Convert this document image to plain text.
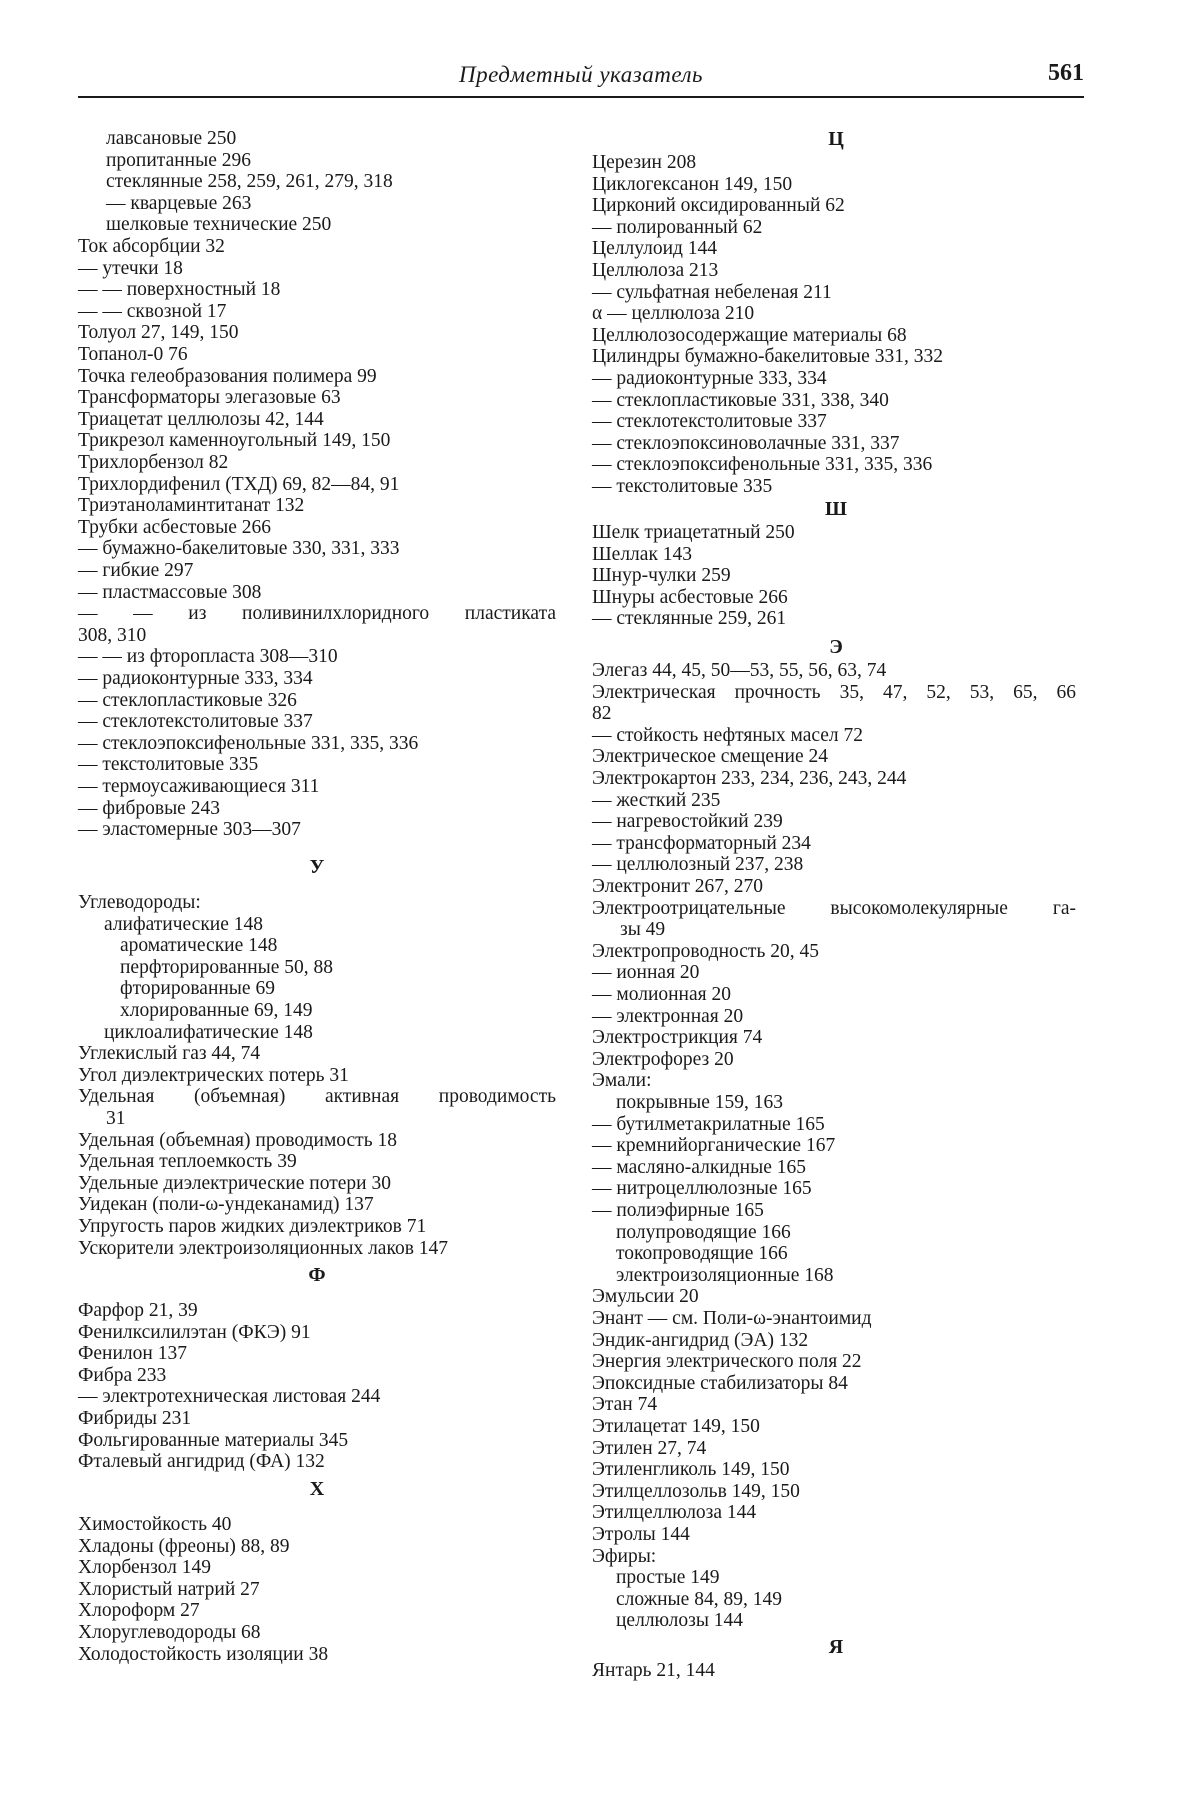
Предметный указатель	561
лавсановые 250
пропитанные 296
стеклянные 258, 259, 261, 279, 318
— кварцевые 263
шелковые технические 250
Ток абсорбции 32
— утечки 18
— — поверхностный 18
— — сквозной 17
Толуол 27, 149, 150
Топанол-0 76
Точка гелеобразования полимера 99
Трансформаторы элегазовые 63
Триацетат целлюлозы 42, 144
Трикрезол каменноугольный 149, 150
Трихлорбензол 82
Трихлордифенил (ТХД) 69, 82—84, 91
Триэтаноламинтитанат 132
Трубки асбестовые 266
— бумажно-бакелитовые 330, 331, 333
— гибкие 297
— пластмассовые 308
— — из поливинилхлоридного пластиката
308, 310
— — из фторопласта 308—310
— радиоконтурные 333, 334
— стеклопластиковые 326
— стеклотекстолитовые 337
— стеклоэпоксифенольные 331, 335, 336
— текстолитовые 335
— термоусаживающиеся 311
— фибровые 243
— эластомерные 303—307
У
Углеводороды:
алифатические 148
ароматические 148
перфторированные 50, 88
фторированные 69
хлорированные 69, 149
циклоалифатические 148
Углекислый газ 44, 74
Угол диэлектрических потерь 31
Удельная (объемная) активная проводимость
31
Удельная (объемная) проводимость 18
Удельная теплоемкость 39
Удельные диэлектрические потери 30
Уидекан (поли-ω-ундеканамид) 137
Упругость паров жидких диэлектриков 71
Ускорители электроизоляционных лаков 147
Ф
Фарфор 21, 39
Фенилксилилэтан (ФКЭ) 91
Фенилон 137
Фибра 233
— электротехническая листовая 244
Фибриды 231
Фольгированные материалы 345
Фталевый ангидрид (ФА) 132
Х
Химостойкость 40
Хладоны (фреоны) 88, 89
Хлорбензол 149
Хлористый натрий 27
Хлороформ 27
Хлоруглеводороды 68
Холодостойкость изоляции 38
Ц
Церезин 208
Циклогексанон 149, 150
Цирконий оксидированный 62
— полированный 62
Целлулоид 144
Целлюлоза 213
— сульфатная небеленая 211
α — целлюлоза 210
Целлюлозосодержащие материалы 68
Цилиндры бумажно-бакелитовые 331, 332
— радиоконтурные 333, 334
— стеклопластиковые 331, 338, 340
— стеклотекстолитовые 337
— стеклоэпоксиноволачные 331, 337
— стеклоэпоксифенольные 331, 335, 336
— текстолитовые 335
Ш
Шелк триацетатный 250
Шеллак 143
Шнур-чулки 259
Шнуры асбестовые 266
— стеклянные 259, 261
Э
Элегаз 44, 45, 50—53, 55, 56, 63, 74
Электрическая прочность 35, 47, 52, 53, 65, 66
82
— стойкость нефтяных масел 72
Электрическое смещение 24
Электрокартон 233, 234, 236, 243, 244
— жесткий 235
— нагревостойкий 239
— трансформаторный 234
— целлюлозный 237, 238
Электронит 267, 270
Электроотрицательные высокомолекулярные га-
зы 49
Электропроводность 20, 45
— ионная 20
— молионная 20
— электронная 20
Электрострикция 74
Электрофорез 20
Эмали:
покрывные 159, 163
— бутилметакрилатные 165
— кремнийорганические 167
— масляно-алкидные 165
— нитроцеллюлозные 165
— полиэфирные 165
полупроводящие 166
токопроводящие 166
электроизоляционные 168
Эмульсии 20
Энант — см. Поли-ω-энантоимид
Эндик-ангидрид (ЭА) 132
Энергия электрического поля 22
Эпоксидные стабилизаторы 84
Этан 74
Этилацетат 149, 150
Этилен 27, 74
Этиленгликоль 149, 150
Этилцеллозольв 149, 150
Этилцеллюлоза 144
Этролы 144
Эфиры:
простые 149
сложные 84, 89, 149
целлюлозы 144
Я
Янтарь 21, 144
